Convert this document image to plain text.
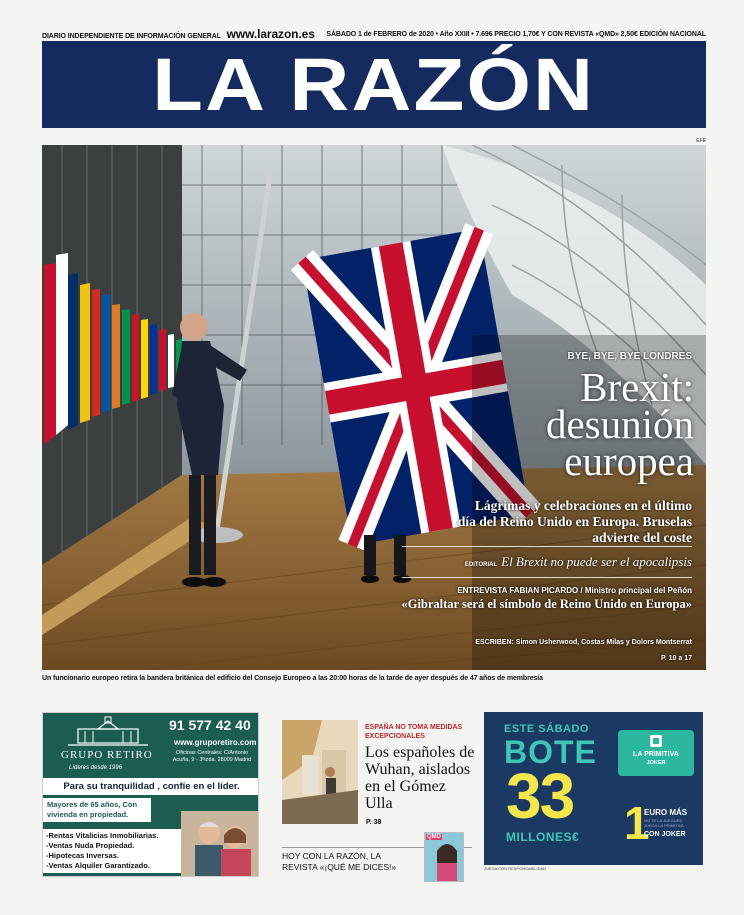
DIARIO INDEPENDIENTE DE INFORMACIÓN GENERAL www.larazon.es SÁBADO 1 de FEBRERO de 2020 • Año XXIII • 7.696 PRECIO 1,70€ Y CON REVISTA «QMD» 2,50€ EDICIÓN NACIONAL
LA RAZÓN
EFE
BYE, BYE, BYE LONDRES
Brexit:
desunión
europea
Lágrimas y celebraciones en el último día del Reino Unido en Europa. Bruselas advierte del coste
EDITORIAL El Brexit no puede ser el apocalipsis
ENTREVISTA FABIAN PICARDO / Ministro principal del Peñón
«Gibraltar será el símbolo de Reino Unido en Europa»
ESCRIBEN: Simon Usherwood, Costas Milas y Dolors Montserrat
P. 10 a 17
Un funcionario europeo retira la bandera británica del edificio del Consejo Europeo a las 20:00 horas de la tarde de ayer después de 47 años de membresía
GRUPO RETIRO
Líderes desde 1996
91 577 42 40
www.gruporetiro.com
Oficinas Centrales: C/Antonio Acuña, 9 - 3ºizda. 28009 Madrid
Para su tranquilidad , confíe en el líder.
Mayores de 65 años, Con vivienda en propiedad.
-Rentas Vitalicias Inmobiliarias.
-Ventas Nuda Propiedad.
-Hipotecas Inversas.
-Ventas Alquiler Garantizado.
ESPAÑA NO TOMA MEDIDAS EXCEPCIONALES
Los españoles de Wuhan, aislados en el Gómez Ulla
P. 38
HOY CON LA RAZÓN, LA REVISTA «¡QUÉ ME DICES!»
QMD
ESTE SÁBADO
BOTE
33
MILLONES€
LA PRIMITIVA
JOKER
1
EURO MÁS
NO TE LA JUEGUES, JUEGA LA PRIMITIVA
CON JOKER
JUEGA CON RESPONSABILIDAD
